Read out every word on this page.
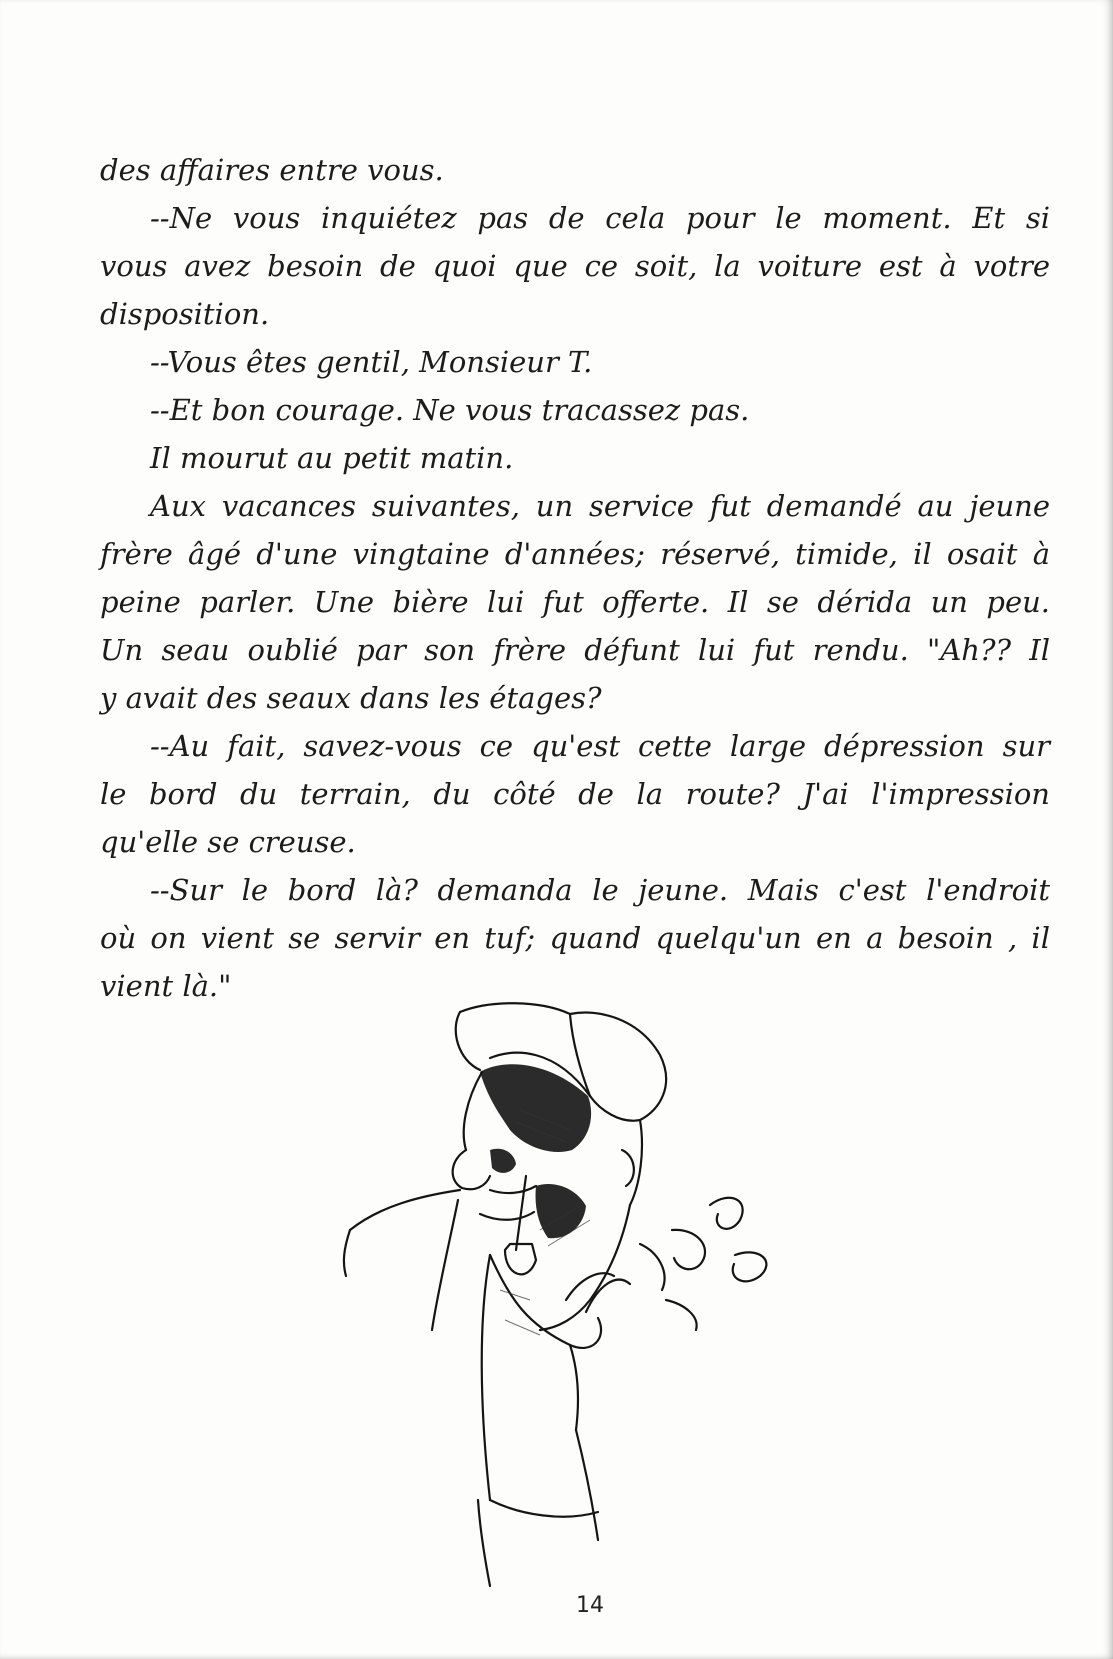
des affaires entre vous.
--Ne vous inquiétez pas de cela pour le moment. Et si
vous avez besoin de quoi que ce soit, la voiture est à votre
disposition.
--Vous êtes gentil, Monsieur T.
--Et bon courage. Ne vous tracassez pas.
Il mourut au petit matin.
Aux vacances suivantes, un service fut demandé au jeune
frère âgé d'une vingtaine d'années; réservé, timide, il osait à
peine parler. Une bière lui fut offerte. Il se dérida un peu.
Un seau oublié par son frère défunt lui fut rendu. "Ah?? Il
y avait des seaux dans les étages?
--Au fait, savez-vous ce qu'est cette large dépression sur
le bord du terrain, du côté de la route? J'ai l'impression
qu'elle se creuse.
--Sur le bord là? demanda le jeune. Mais c'est l'endroit
où on vient se servir en tuf; quand quelqu'un en a besoin , il
vient là."
14
